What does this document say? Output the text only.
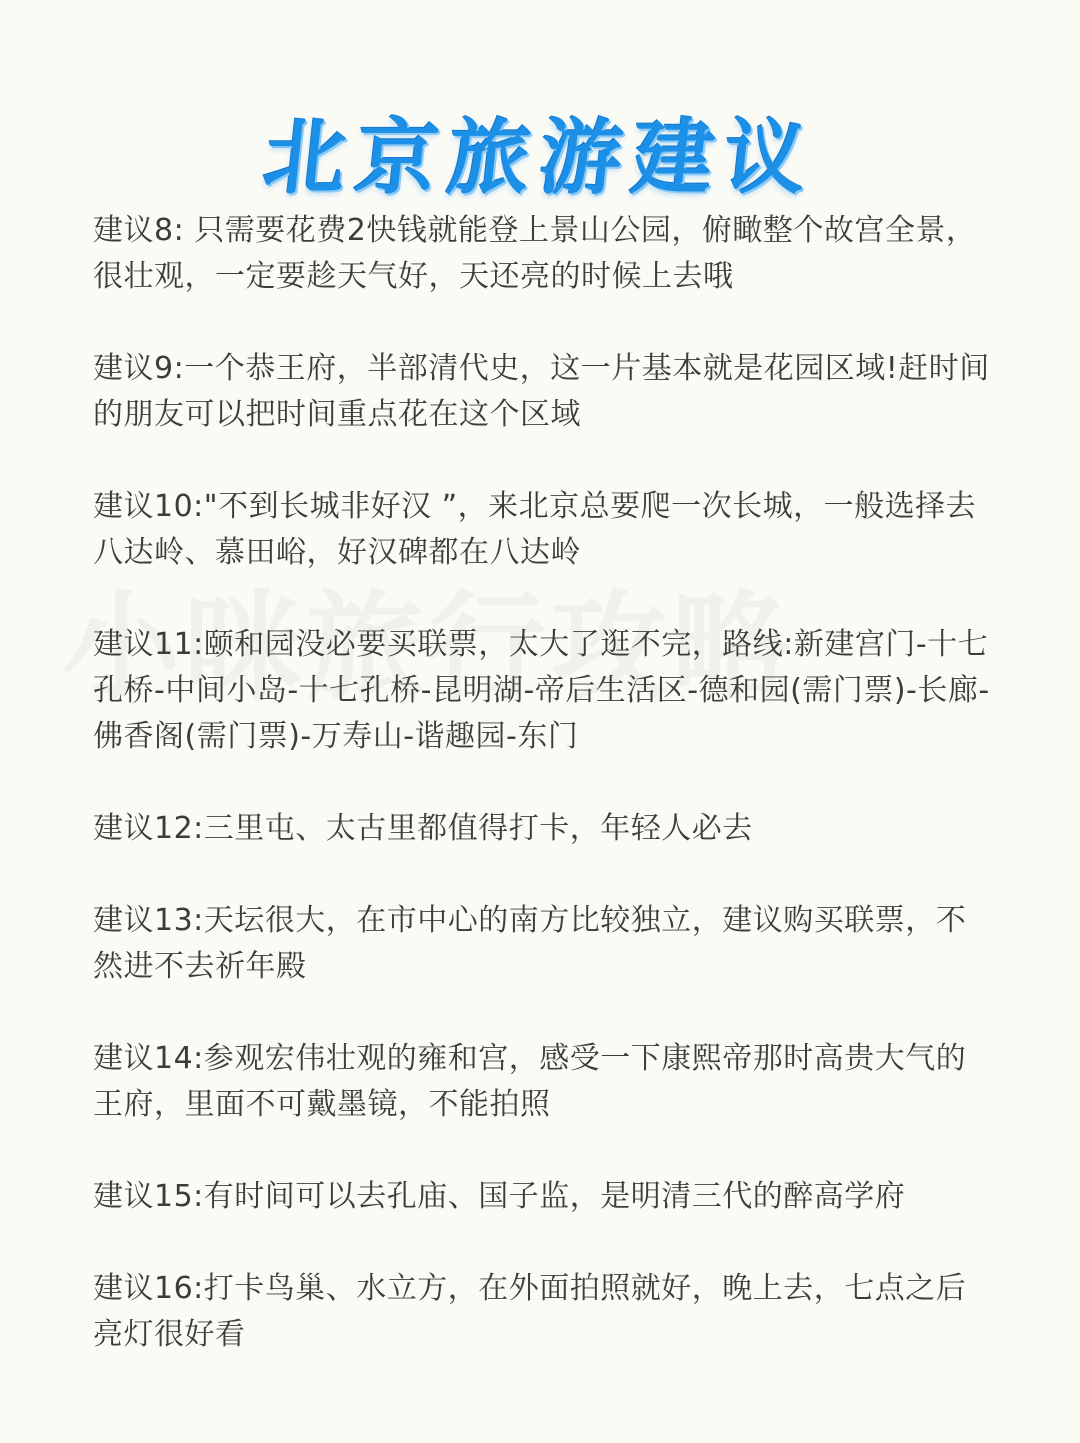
北京旅游建议
建议8: 只需要花费2快钱就能登上景山公园，俯瞰整个故宫全景，很壮观，一定要趁天气好，天还亮的时候上去哦
建议9:一个恭王府，半部清代史，这一片基本就是花园区域!赶时间的朋友可以把时间重点花在这个区域
建议10:"不到长城非好汉 ”，来北京总要爬一次长城，一般选择去八达岭、慕田峪，好汉碑都在八达岭
建议11:颐和园没必要买联票，太大了逛不完，路线:新建宫门-十七孔桥-中间小岛-十七孔桥-昆明湖-帝后生活区-德和园(需门票)-长廊-佛香阁(需门票)-万寿山-谐趣园-东门
建议12:三里屯、太古里都值得打卡，年轻人必去
建议13:天坛很大，在市中心的南方比较独立，建议购买联票，不然进不去祈年殿
建议14:参观宏伟壮观的雍和宫，感受一下康熙帝那时高贵大气的王府，里面不可戴墨镜，不能拍照
建议15:有时间可以去孔庙、国子监，是明清三代的醉高学府
建议16:打卡鸟巢、水立方，在外面拍照就好，晚上去，七点之后亮灯很好看
